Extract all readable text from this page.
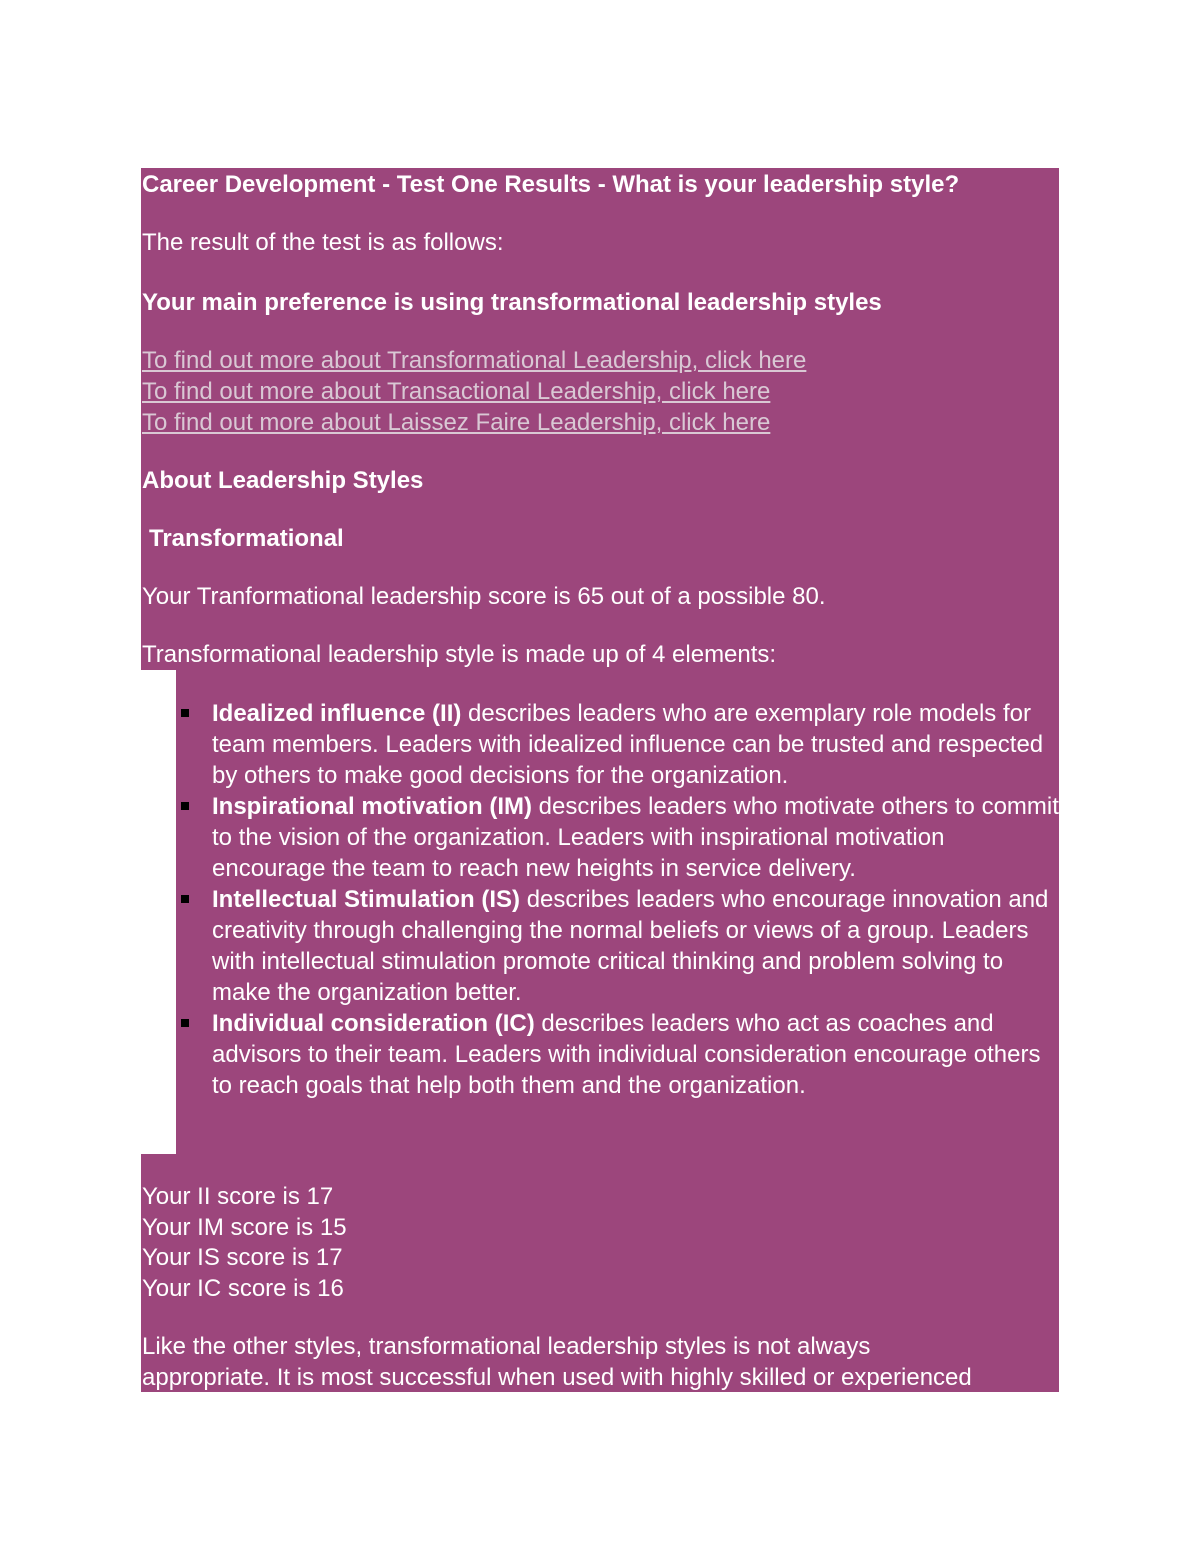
Career Development - Test One Results - What is your leadership style?
The result of the test is as follows:
Your main preference is using transformational leadership styles
To find out more about Transformational Leadership, click here
To find out more about Transactional Leadership, click here
To find out more about Laissez Faire Leadership, click here
About Leadership Styles
Transformational
Your Tranformational leadership score is 65 out of a possible 80.
Transformational leadership style is made up of 4 elements:
Idealized influence (II) describes leaders who are exemplary role models for team members. Leaders with idealized influence can be trusted and respected by others to make good decisions for the organization.
Inspirational motivation (IM) describes leaders who motivate others to commit to the vision of the organization. Leaders with inspirational motivation encourage the team to reach new heights in service delivery.
Intellectual Stimulation (IS) describes leaders who encourage innovation and creativity through challenging the normal beliefs or views of a group. Leaders with intellectual stimulation promote critical thinking and problem solving to make the organization better.
Individual consideration (IC) describes leaders who act as coaches and advisors to their team. Leaders with individual consideration encourage others to reach goals that help both them and the organization.
Your II score is 17
Your IM score is 15
Your IS score is 17
Your IC score is 16
Like the other styles, transformational leadership styles is not always
appropriate. It is most successful when used with highly skilled or experienced
